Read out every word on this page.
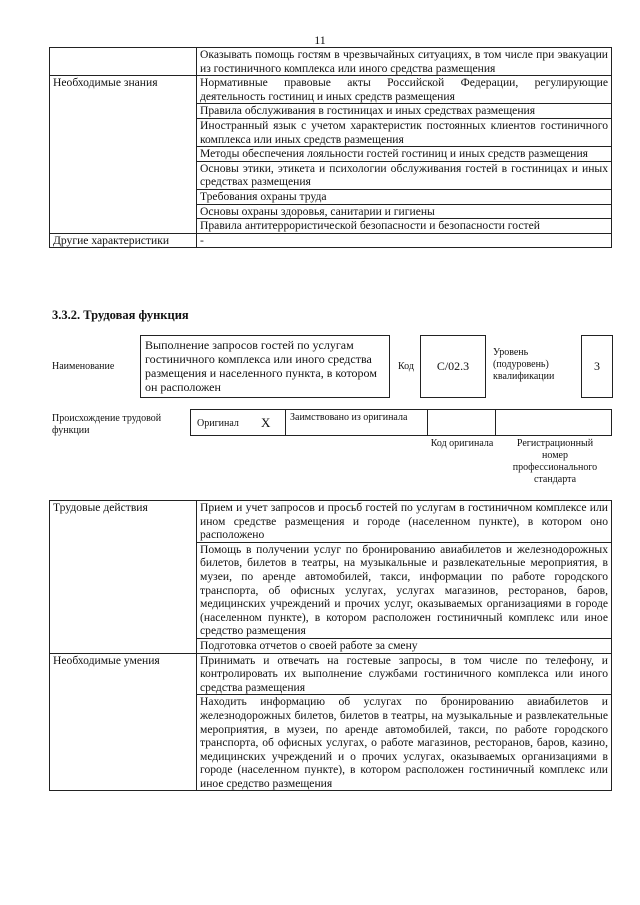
11
	Оказывать помощь гостям в чрезвычайных ситуациях, в том числе при эвакуации из гостиничного комплекса или иного средства размещения
Необходимые знания	Нормативные правовые акты Российской Федерации, регулирующие деятельность гостиниц и иных средств размещения
	Правила обслуживания в гостиницах и иных средствах размещения
	Иностранный язык с учетом характеристик постоянных клиентов гостиничного комплекса или иных средств размещения
	Методы обеспечения лояльности гостей гостиниц и иных средств размещения
	Основы этики, этикета и психологии обслуживания гостей в гостиницах и иных средствах размещения
	Требования охраны труда
	Основы охраны здоровья, санитарии и гигиены
	Правила антитеррористической безопасности и безопасности гостей
Другие характеристики	-
3.3.2. Трудовая функция
Наименование
Выполнение запросов гостей по услугам гостиничного комплекса или иного средства размещения и населенного пункта, в котором он расположен
Код	C/02.3
Уровень (подуровень) квалификации
3
Происхождение трудовой функции
Оригинал X Заимствовано из оригинала
Код оригинала	Регистрационный номер профессионального стандарта
Трудовые действия	Прием и учет запросов и просьб гостей по услугам в гостиничном комплексе или ином средстве размещения и городе (населенном пункте), в котором оно расположено
	Помощь в получении услуг по бронированию авиабилетов и железнодорожных билетов, билетов в театры, на музыкальные и развлекательные мероприятия, в музеи, по аренде автомобилей, такси, информации по работе городского транспорта, об офисных услугах, услугах магазинов, ресторанов, баров, медицинских учреждений и прочих услуг, оказываемых организациями в городе (населенном пункте), в котором расположен гостиничный комплекс или иное средство размещения
	Подготовка отчетов о своей работе за смену
Необходимые умения	Принимать и отвечать на гостевые запросы, в том числе по телефону, и контролировать их выполнение службами гостиничного комплекса или иного средства размещения
	Находить информацию об услугах по бронированию авиабилетов и железнодорожных билетов, билетов в театры, на музыкальные и развлекательные мероприятия, в музеи, по аренде автомобилей, такси, по работе городского транспорта, об офисных услугах, о работе магазинов, ресторанов, баров, казино, медицинских учреждений и о прочих услугах, оказываемых организациями в городе (населенном пункте), в котором расположен гостиничный комплекс или иное средство размещения
